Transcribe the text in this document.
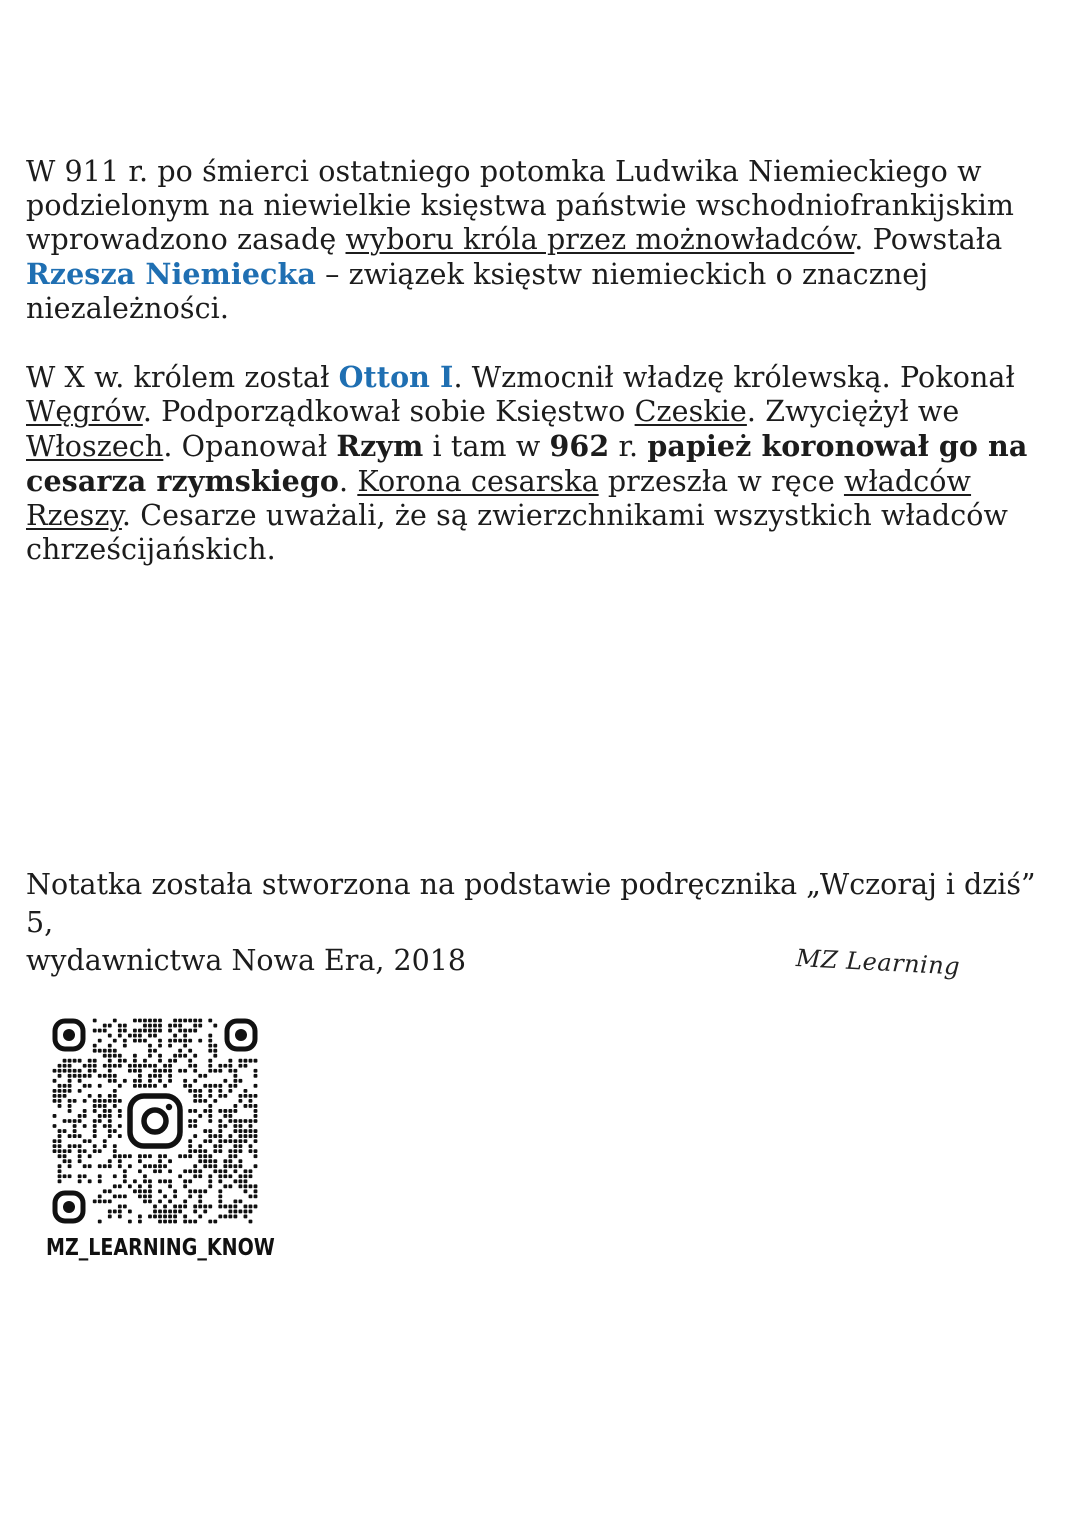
W 911 r. po śmierci ostatniego potomka Ludwika Niemieckiego w podzielonym na niewielkie księstwa państwie wschodniofrankijskim wprowadzono zasadę wyboru króla przez możnowładców. Powstała Rzesza Niemiecka – związek księstw niemieckich o znacznej niezależności.

W X w. królem został Otton I. Wzmocnił władzę królewską. Pokonał Węgrów. Podporządkował sobie Księstwo Czeskie. Zwyciężył we Włoszech. Opanował Rzym i tam w 962 r. papież koronował go na cesarza rzymskiego. Korona cesarska przeszła w ręce władców Rzeszy. Cesarze uważali, że są zwierzchnikami wszystkich władców chrześcijańskich.

Notatka została stworzona na podstawie podręcznika „Wczoraj i dziś” 5,
wydawnictwa Nowa Era, 2018	MZ Learning
MZ_LEARNING_KNOW
